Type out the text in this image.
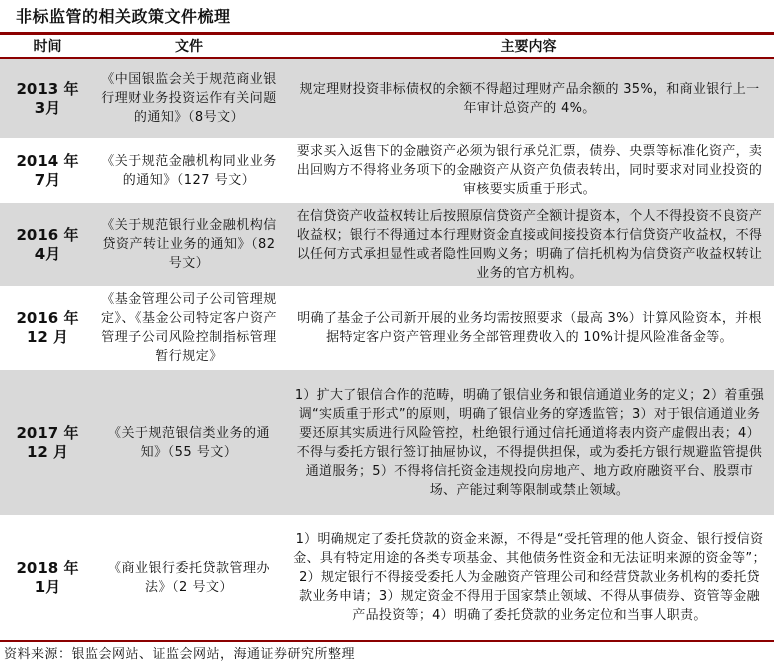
非标监管的相关政策文件梳理
时间	文件	主要内容
2013 年
3月
《中国银监会关于规范商业银行理财业务投资运作有关问题的通知》（8号文）
规定理财投资非标债权的余额不得超过理财产品余额的 35%，和商业银行上一年审计总资产的 4%。
2014 年
7月
《关于规范金融机构同业业务的通知》（127 号文）
要求买入返售下的金融资产必须为银行承兑汇票，债券、央票等标准化资产，卖出回购方不得将业务项下的金融资产从资产负债表转出，同时要求对同业投资的审核要实质重于形式。
2016 年
4月
《关于规范银行业金融机构信贷资产转让业务的通知》（82 号文）
在信贷资产收益权转让后按照原信贷资产全额计提资本，个人不得投资不良资产收益权；银行不得通过本行理财资金直接或间接投资本行信贷资产收益权，不得以任何方式承担显性或者隐性回购义务；明确了信托机构为信贷资产收益权转让业务的官方机构。
2016 年
12 月
《基金管理公司子公司管理规定》、《基金公司特定客户资产管理子公司风险控制指标管理暂行规定》
明确了基金子公司新开展的业务均需按照要求（最高 3%）计算风险资本，并根据特定客户资产管理业务全部管理费收入的 10%计提风险准备金等。
2017 年
12 月
《关于规范银信类业务的通知》（55 号文）
1）扩大了银信合作的范畴，明确了银信业务和银信通道业务的定义；2）着重强调“实质重于形式”的原则，明确了银信业务的穿透监管；3）对于银信通道业务要还原其实质进行风险管控，杜绝银行通过信托通道将表内资产虚假出表；4）不得与委托方银行签订抽屉协议，不得提供担保，或为委托方银行规避监管提供通道服务；5）不得将信托资金违规投向房地产、地方政府融资平台、股票市场、产能过剩等限制或禁止领域。
2018 年
1月
《商业银行委托贷款管理办法》（2 号文）
1）明确规定了委托贷款的资金来源，不得是“受托管理的他人资金、银行授信资金、具有特定用途的各类专项基金、其他债务性资金和无法证明来源的资金等”；2）规定银行不得接受委托人为金融资产管理公司和经营贷款业务机构的委托贷款业务申请；3）规定资金不得用于国家禁止领域、不得从事债券、资管等金融产品投资等；4）明确了委托贷款的业务定位和当事人职责。
资料来源：银监会网站、证监会网站，海通证券研究所整理
